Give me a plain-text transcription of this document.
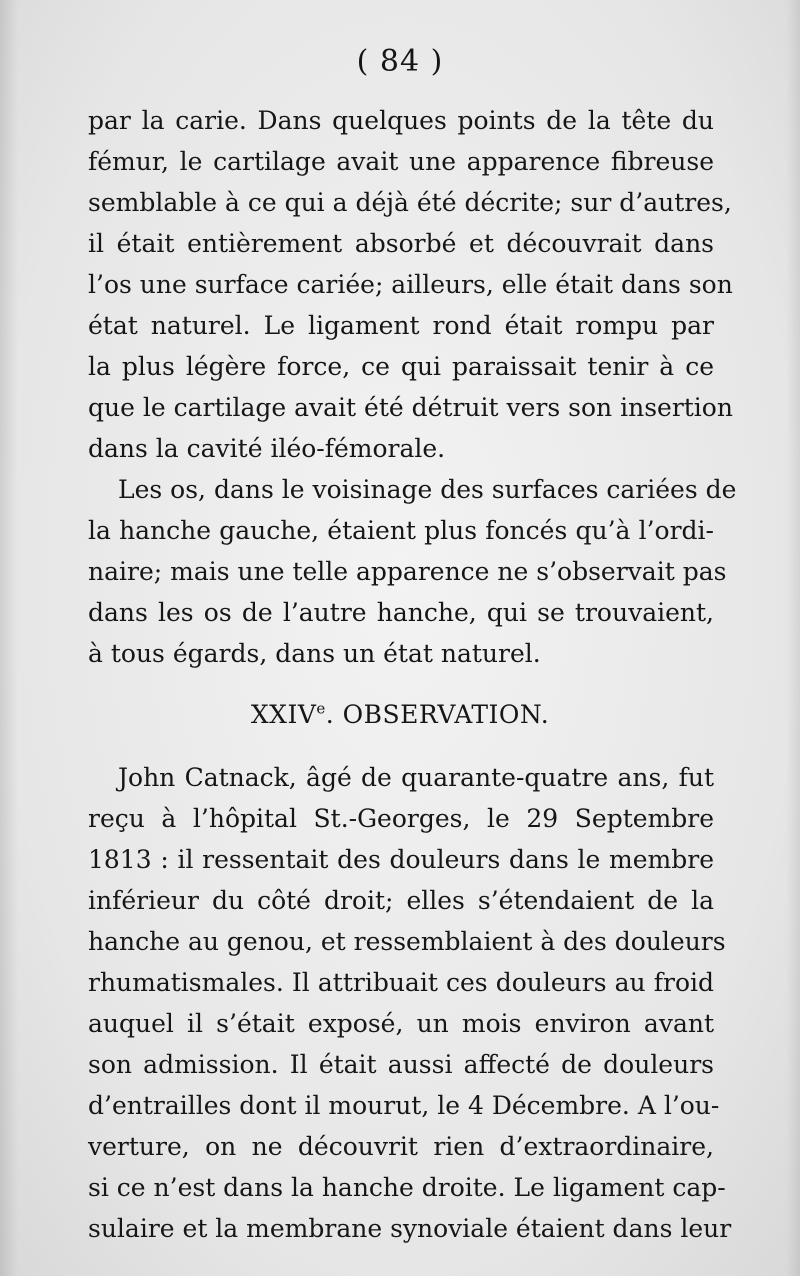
( 84 )
par la carie. Dans quelques points de la tête du
fémur, le cartilage avait une apparence fibreuse
semblable à ce qui a déjà été décrite; sur d’autres,
il était entièrement absorbé et découvrait dans
l’os une surface cariée; ailleurs, elle était dans son
état naturel. Le ligament rond était rompu par
la plus légère force, ce qui paraissait tenir à ce
que le cartilage avait été détruit vers son insertion
dans la cavité iléo-fémorale.
Les os, dans le voisinage des surfaces cariées de
la hanche gauche, étaient plus foncés qu’à l’ordi-
naire; mais une telle apparence ne s’observait pas
dans les os de l’autre hanche, qui se trouvaient,
à tous égards, dans un état naturel.
XXIVe. OBSERVATION.
John Catnack, âgé de quarante-quatre ans, fut
reçu à l’hôpital St.-Georges, le 29 Septembre
1813 : il ressentait des douleurs dans le membre
inférieur du côté droit; elles s’étendaient de la
hanche au genou, et ressemblaient à des douleurs
rhumatismales. Il attribuait ces douleurs au froid
auquel il s’était exposé, un mois environ avant
son admission. Il était aussi affecté de douleurs
d’entrailles dont il mourut, le 4 Décembre. A l’ou-
verture, on ne découvrit rien d’extraordinaire,
si ce n’est dans la hanche droite. Le ligament cap-
sulaire et la membrane synoviale étaient dans leur
